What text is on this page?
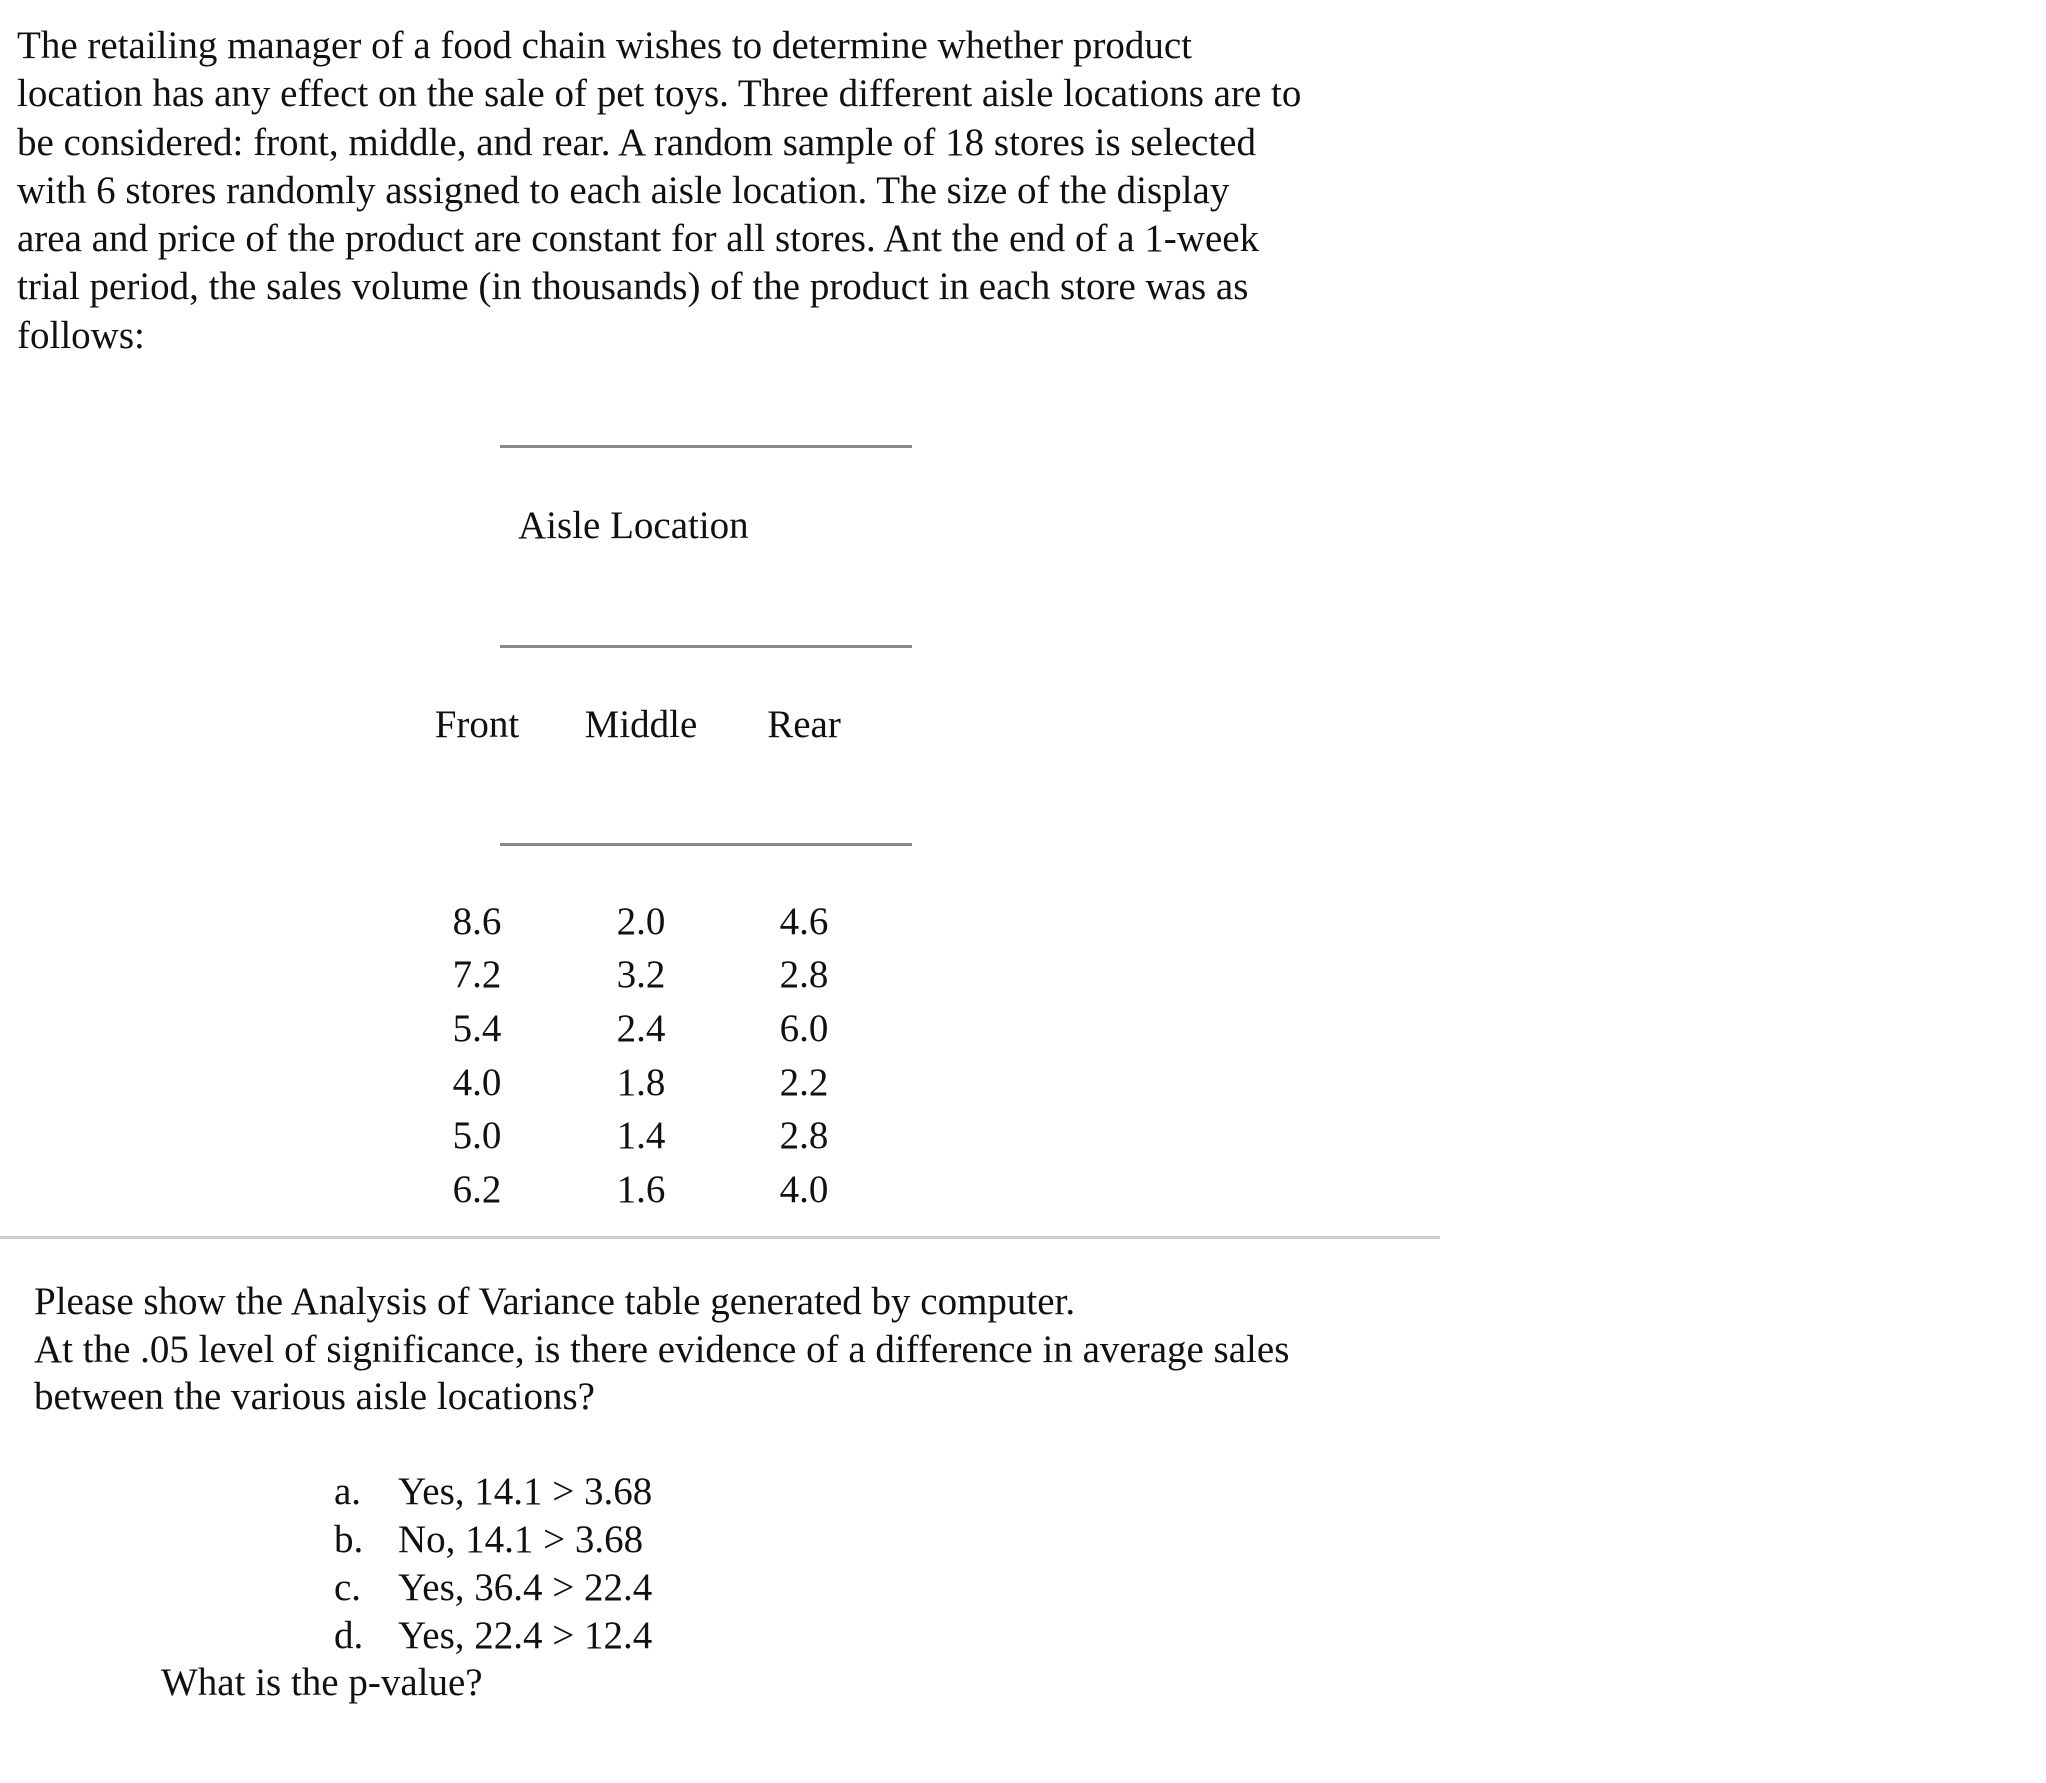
The retailing manager of a food chain wishes to determine whether product
location has any effect on the sale of pet toys. Three different aisle locations are to
be considered: front, middle, and rear. A random sample of 18 stores is selected
with 6 stores randomly assigned to each aisle location. The size of the display
area and price of the product are constant for all stores. Ant the end of a 1-week
trial period, the sales volume (in thousands) of the product in each store was as
follows:

Aisle Location
Front Middle Rear
8.6	2.0	4.6
7.2	3.2	2.8
5.4	2.4	6.0
4.0	1.8	2.2
5.0	1.4	2.8
6.2	1.6	4.0

Please show the Analysis of Variance table generated by computer.
At the .05 level of significance, is there evidence of a difference in average sales
between the various aisle locations?

a. Yes, 14.1 > 3.68
b. No, 14.1 > 3.68
c. Yes, 36.4 > 22.4
d. Yes, 22.4 > 12.4
What is the p-value?
